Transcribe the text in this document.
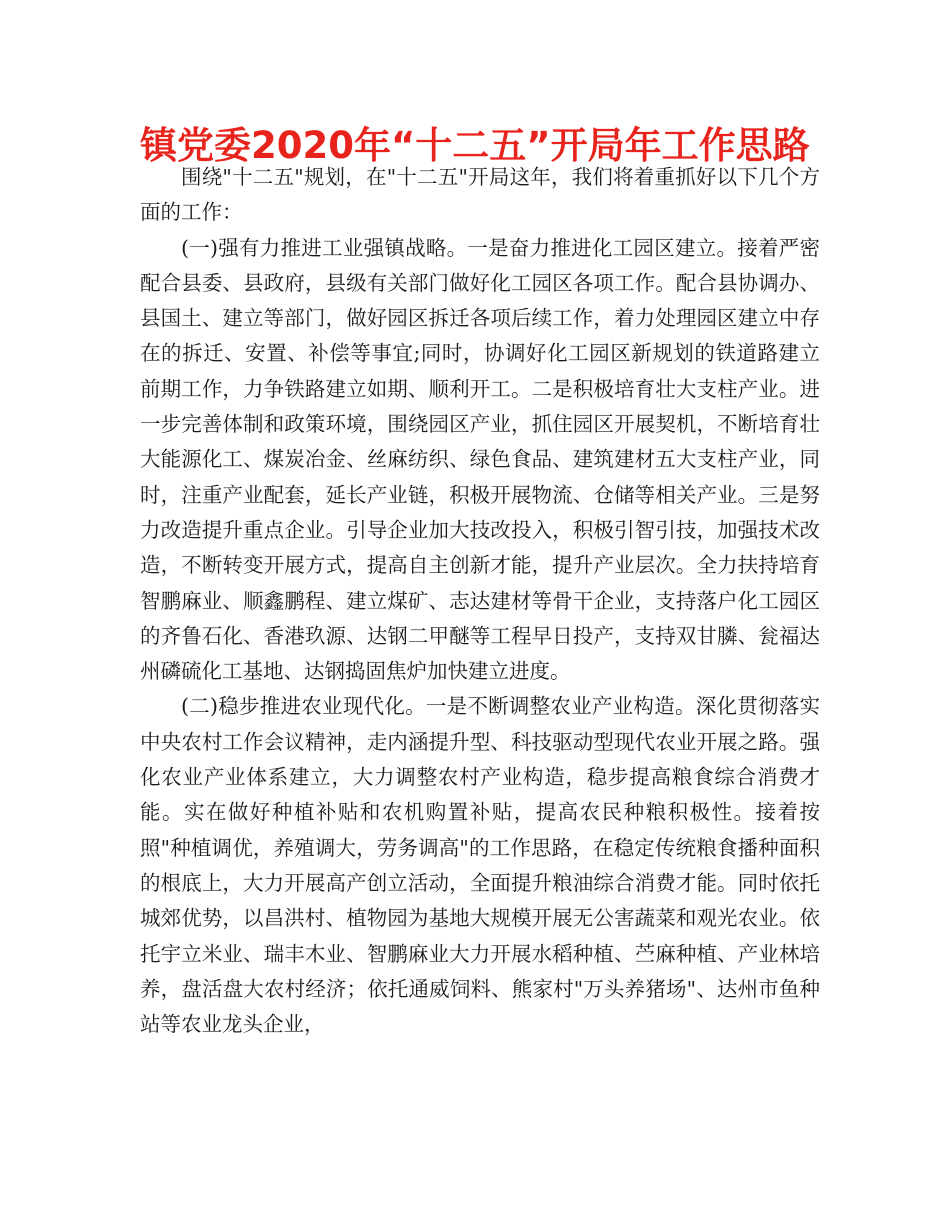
镇党委2020年“十二五”开局年工作思路

围绕"十二五"规划，在"十二五"开局这年，我们将着重抓好以下几个方面的工作：

(一)强有力推进工业强镇战略。一是奋力推进化工园区建立。接着严密配合县委、县政府，县级有关部门做好化工园区各项工作。配合县协调办、县国土、建立等部门，做好园区拆迁各项后续工作，着力处理园区建立中存在的拆迁、安置、补偿等事宜;同时，协调好化工园区新规划的铁道路建立前期工作，力争铁路建立如期、顺利开工。二是积极培育壮大支柱产业。进一步完善体制和政策环境，围绕园区产业，抓住园区开展契机，不断培育壮大能源化工、煤炭冶金、丝麻纺织、绿色食品、建筑建材五大支柱产业，同时，注重产业配套，延长产业链，积极开展物流、仓储等相关产业。三是努力改造提升重点企业。引导企业加大技改投入，积极引智引技，加强技术改造，不断转变开展方式，提高自主创新才能，提升产业层次。全力扶持培育智鹏麻业、顺鑫鹏程、建立煤矿、志达建材等骨干企业，支持落户化工园区的齐鲁石化、香港玖源、达钢二甲醚等工程早日投产，支持双甘膦、瓮福达州磷硫化工基地、达钢捣固焦炉加快建立进度。

(二)稳步推进农业现代化。一是不断调整农业产业构造。深化贯彻落实中央农村工作会议精神，走内涵提升型、科技驱动型现代农业开展之路。强化农业产业体系建立，大力调整农村产业构造，稳步提高粮食综合消费才能。实在做好种植补贴和农机购置补贴，提高农民种粮积极性。接着按照"种植调优，养殖调大，劳务调高"的工作思路，在稳定传统粮食播种面积的根底上，大力开展高产创立活动，全面提升粮油综合消费才能。同时依托城郊优势，以昌洪村、植物园为基地大规模开展无公害蔬菜和观光农业。依托宇立米业、瑞丰木业、智鹏麻业大力开展水稻种植、苎麻种植、产业林培养，盘活盘大农村经济；依托通威饲料、熊家村"万头养猪场"、达州市鱼种站等农业龙头企业，
